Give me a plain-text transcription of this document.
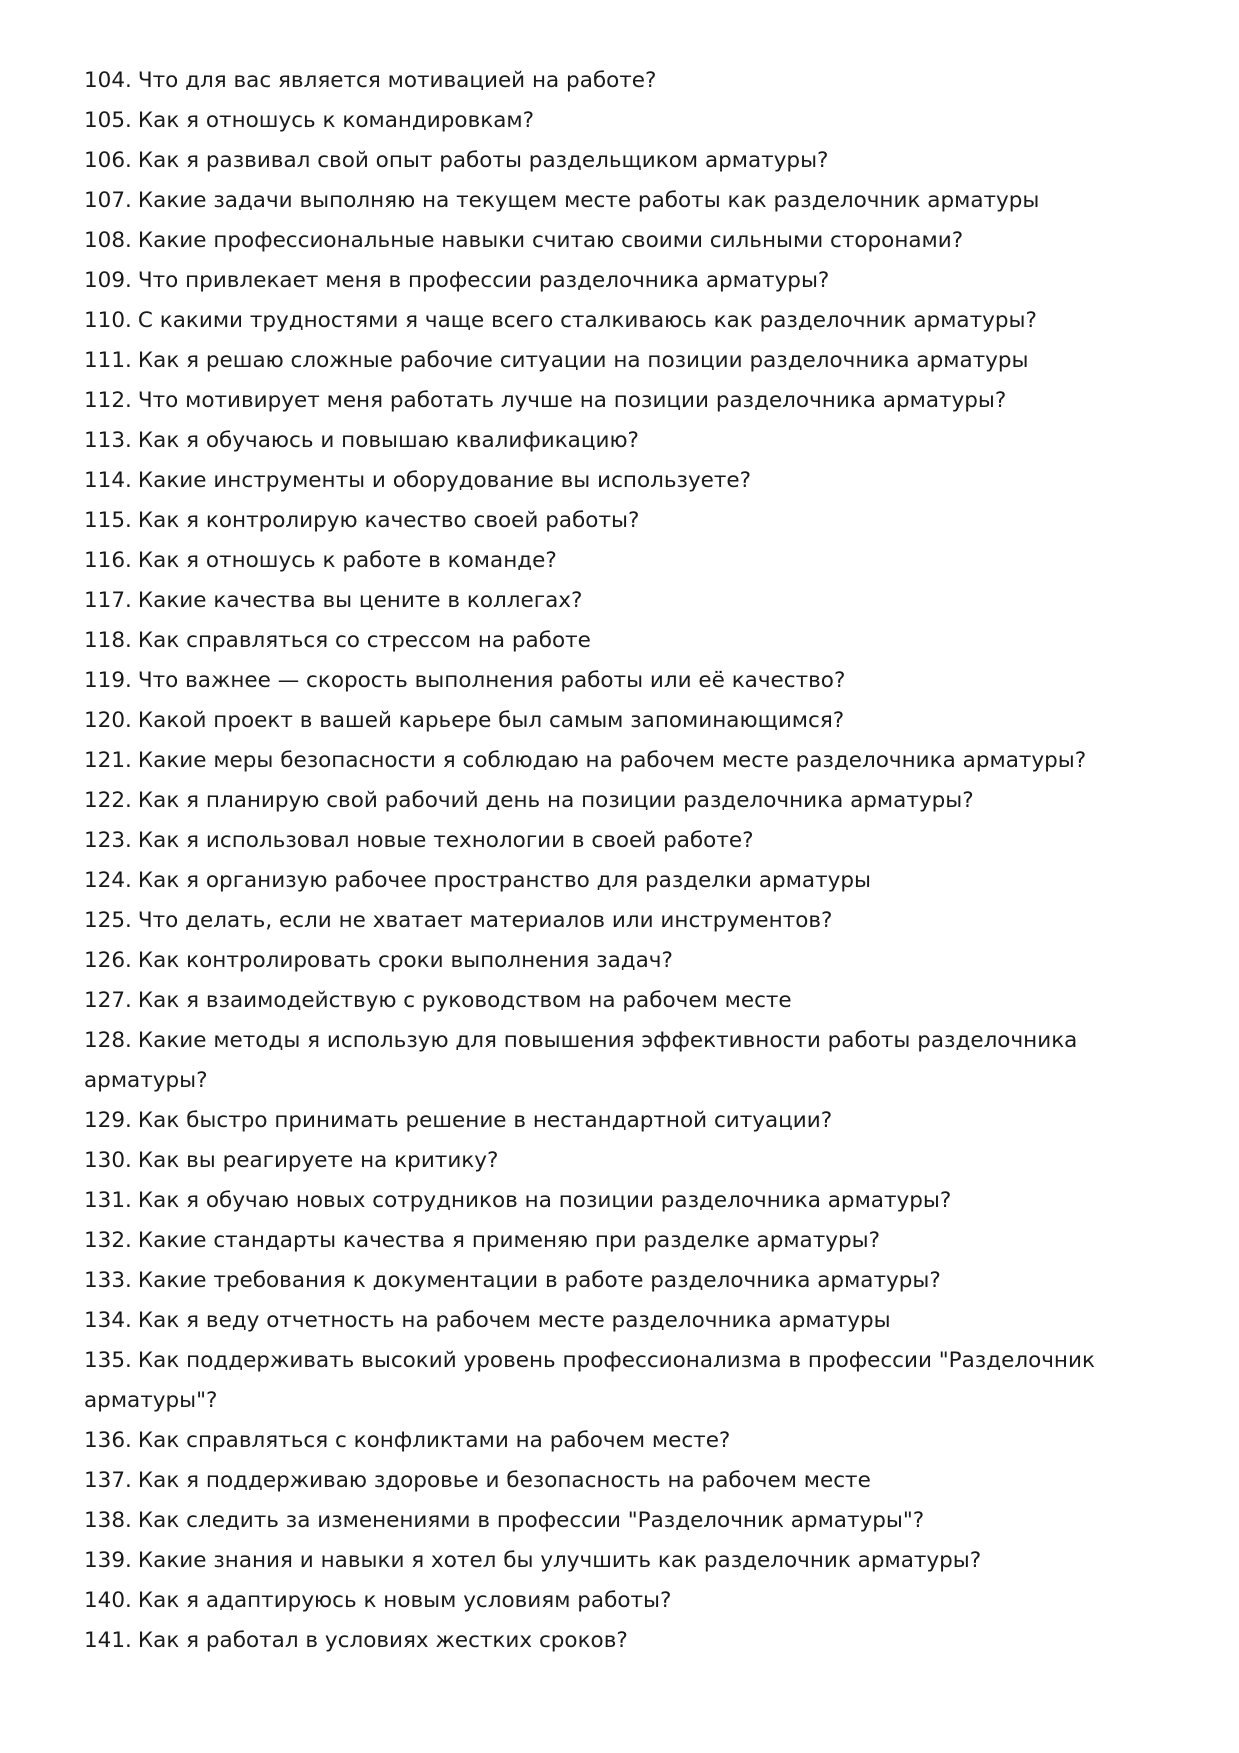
104. Что для вас является мотивацией на работе?
105. Как я отношусь к командировкам?
106. Как я развивал свой опыт работы раздельщиком арматуры?
107. Какие задачи выполняю на текущем месте работы как разделочник арматуры
108. Какие профессиональные навыки считаю своими сильными сторонами?
109. Что привлекает меня в профессии разделочника арматуры?
110. С какими трудностями я чаще всего сталкиваюсь как разделочник арматуры?
111. Как я решаю сложные рабочие ситуации на позиции разделочника арматуры
112. Что мотивирует меня работать лучше на позиции разделочника арматуры?
113. Как я обучаюсь и повышаю квалификацию?
114. Какие инструменты и оборудование вы используете?
115. Как я контролирую качество своей работы?
116. Как я отношусь к работе в команде?
117. Какие качества вы цените в коллегах?
118. Как справляться со стрессом на работе
119. Что важнее — скорость выполнения работы или её качество?
120. Какой проект в вашей карьере был самым запоминающимся?
121. Какие меры безопасности я соблюдаю на рабочем месте разделочника арматуры?
122. Как я планирую свой рабочий день на позиции разделочника арматуры?
123. Как я использовал новые технологии в своей работе?
124. Как я организую рабочее пространство для разделки арматуры
125. Что делать, если не хватает материалов или инструментов?
126. Как контролировать сроки выполнения задач?
127. Как я взаимодействую с руководством на рабочем месте
128. Какие методы я использую для повышения эффективности работы разделочника арматуры?
129. Как быстро принимать решение в нестандартной ситуации?
130. Как вы реагируете на критику?
131. Как я обучаю новых сотрудников на позиции разделочника арматуры?
132. Какие стандарты качества я применяю при разделке арматуры?
133. Какие требования к документации в работе разделочника арматуры?
134. Как я веду отчетность на рабочем месте разделочника арматуры
135. Как поддерживать высокий уровень профессионализма в профессии "Разделочник арматуры"?
136. Как справляться с конфликтами на рабочем месте?
137. Как я поддерживаю здоровье и безопасность на рабочем месте
138. Как следить за изменениями в профессии "Разделочник арматуры"?
139. Какие знания и навыки я хотел бы улучшить как разделочник арматуры?
140. Как я адаптируюсь к новым условиям работы?
141. Как я работал в условиях жестких сроков?
